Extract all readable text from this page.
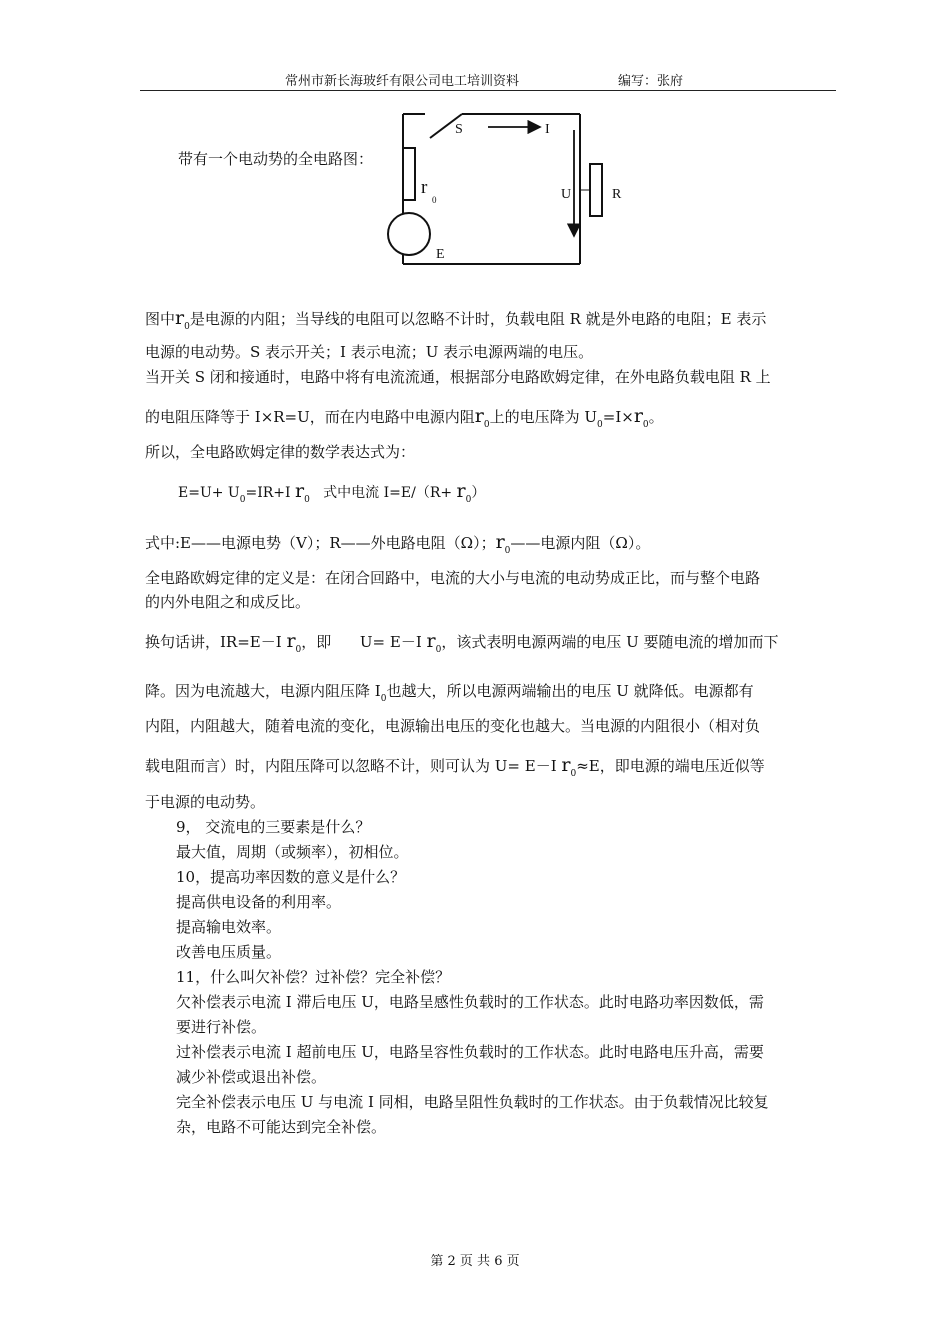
常州市新长海玻纤有限公司电工培训资料	编写：张府
带有一个电动势的全电路图：
S	I
r
0	U	R
E
图中$r_0$是电源的内阻；当导线的电阻可以忽略不计时，负载电阻 R 就是外电路的电阻；E 表示
电源的电动势。S 表示开关；I 表示电流；U 表示电源两端的电压。
当开关 S 闭和接通时，电路中将有电流流通，根据部分电路欧姆定律，在外电路负载电阻 R 上
的电阻压降等于 I×R=U，而在内电路中电源内阻$r_0$上的电压降为 $U_0=I\times r_0$。
所以，全电路欧姆定律的数学表达式为：
$E=U+ U_0=IR+I$ $r_0$ 式中电流 $I=E/(R+ r_0)$
式中:E——电源电势（V）；R——外电路电阻（Ω）；$r_0——$电源内阻（Ω）。
全电路欧姆定律的定义是：在闭合回路中，电流的大小与电流的电动势成正比，而与整个电路
的内外电阻之和成反比。
换句话讲，IR=E－I $r_0$，即 U= E－I $r_0$，该式表明电源两端的电压 U 要随电流的增加而下
降。因为电流越大，电源内阻压降 $I_0$也越大，所以电源两端输出的电压 U 就降低。电源都有
内阻，内阻越大，随着电流的变化，电源输出电压的变化也越大。当电源的内阻很小（相对负
载电阻而言）时，内阻压降可以忽略不计，则可认为 U= E－I $r_0\approx E$，即电源的端电压近似等
于电源的电动势。
9， 交流电的三要素是什么？
最大值，周期（或频率），初相位。
10，提高功率因数的意义是什么？
提高供电设备的利用率。
提高输电效率。
改善电压质量。
11，什么叫欠补偿？过补偿？完全补偿？
欠补偿表示电流 I 滞后电压 U，电路呈感性负载时的工作状态。此时电路功率因数低，需
要进行补偿。
过补偿表示电流 I 超前电压 U，电路呈容性负载时的工作状态。此时电路电压升高，需要
减少补偿或退出补偿。
完全补偿表示电压 U 与电流 I 同相，电路呈阻性负载时的工作状态。由于负载情况比较复
杂，电路不可能达到完全补偿。
第 2 页 共 6 页
